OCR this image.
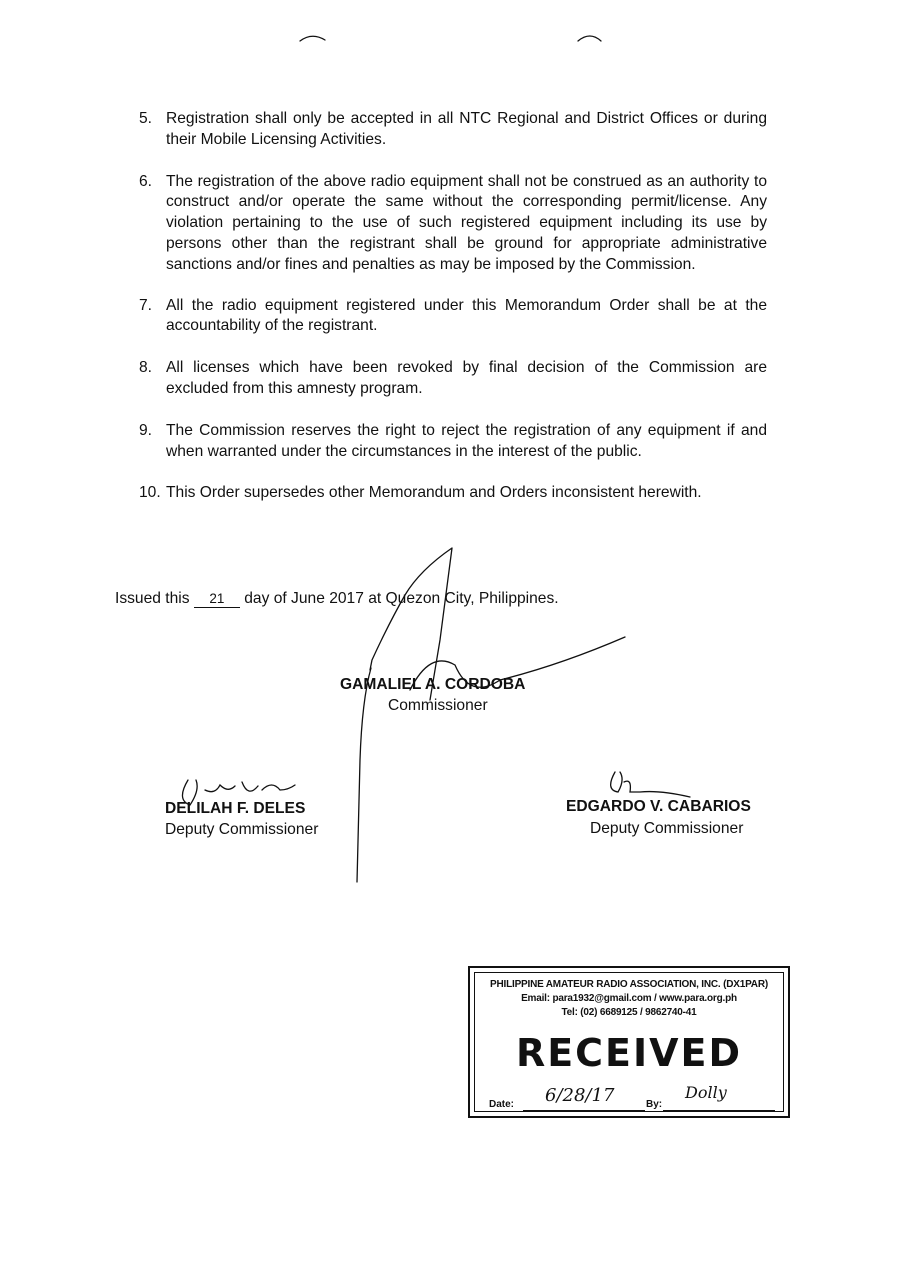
5. Registration shall only be accepted in all NTC Regional and District Offices or during their Mobile Licensing Activities.
6. The registration of the above radio equipment shall not be construed as an authority to construct and/or operate the same without the corresponding permit/license. Any violation pertaining to the use of such registered equipment including its use by persons other than the registrant shall be ground for appropriate administrative sanctions and/or fines and penalties as may be imposed by the Commission.
7. All the radio equipment registered under this Memorandum Order shall be at the accountability of the registrant.
8. All licenses which have been revoked by final decision of the Commission are excluded from this amnesty program.
9. The Commission reserves the right to reject the registration of any equipment if and when warranted under the circumstances in the interest of the public.
10. This Order supersedes other Memorandum and Orders inconsistent herewith.
Issued this 21 day of June 2017 at Quezon City, Philippines.
GAMALIEL A. CORDOBA
Commissioner
DELILAH F. DELES
Deputy Commissioner
EDGARDO V. CABARIOS
Deputy Commissioner
PHILIPPINE AMATEUR RADIO ASSOCIATION, INC. (DX1PAR)
Email: para1932@gmail.com / www.para.org.ph
Tel: (02) 6689125 / 9862740-41
RECEIVED
Date: 6/28/17	By:
Dolly
